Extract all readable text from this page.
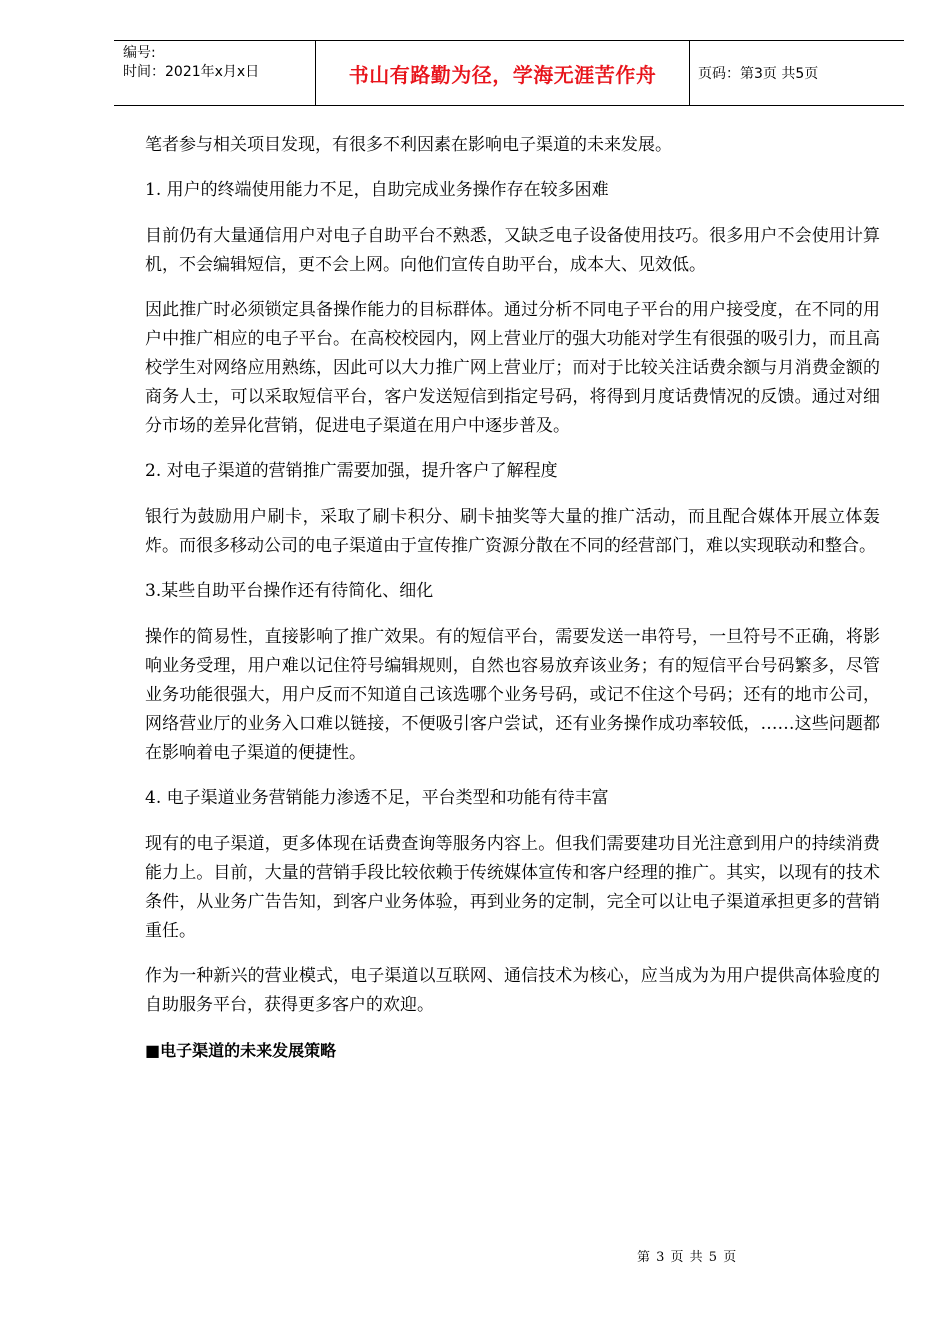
编号:
时间：2021年x月x日	书山有路勤为径，学海无涯苦作舟	页码：第3页 共5页

笔者参与相关项目发现，有很多不利因素在影响电子渠道的未来发展。

1. 用户的终端使用能力不足，自助完成业务操作存在较多困难

目前仍有大量通信用户对电子自助平台不熟悉，又缺乏电子设备使用技巧。很多用户不会使用计算机，不会编辑短信，更不会上网。向他们宣传自助平台，成本大、见效低。

因此推广时必须锁定具备操作能力的目标群体。通过分析不同电子平台的用户接受度，在不同的用户中推广相应的电子平台。在高校校园内，网上营业厅的强大功能对学生有很强的吸引力，而且高校学生对网络应用熟练，因此可以大力推广网上营业厅；而对于比较关注话费余额与月消费金额的商务人士，可以采取短信平台，客户发送短信到指定号码，将得到月度话费情况的反馈。通过对细分市场的差异化营销，促进电子渠道在用户中逐步普及。

2. 对电子渠道的营销推广需要加强，提升客户了解程度

银行为鼓励用户刷卡，采取了刷卡积分、刷卡抽奖等大量的推广活动，而且配合媒体开展立体轰炸。而很多移动公司的电子渠道由于宣传推广资源分散在不同的经营部门，难以实现联动和整合。

3.某些自助平台操作还有待简化、细化

操作的简易性，直接影响了推广效果。有的短信平台，需要发送一串符号，一旦符号不正确，将影响业务受理，用户难以记住符号编辑规则，自然也容易放弃该业务；有的短信平台号码繁多，尽管业务功能很强大，用户反而不知道自己该选哪个业务号码，或记不住这个号码；还有的地市公司，网络营业厅的业务入口难以链接，不便吸引客户尝试，还有业务操作成功率较低，……这些问题都在影响着电子渠道的便捷性。

4. 电子渠道业务营销能力渗透不足，平台类型和功能有待丰富

现有的电子渠道，更多体现在话费查询等服务内容上。但我们需要建功目光注意到用户的持续消费能力上。目前，大量的营销手段比较依赖于传统媒体宣传和客户经理的推广。其实，以现有的技术条件，从业务广告告知，到客户业务体验，再到业务的定制，完全可以让电子渠道承担更多的营销重任。

作为一种新兴的营业模式，电子渠道以互联网、通信技术为核心，应当成为为用户提供高体验度的自助服务平台，获得更多客户的欢迎。

■电子渠道的未来发展策略

第 3 页 共 5 页
